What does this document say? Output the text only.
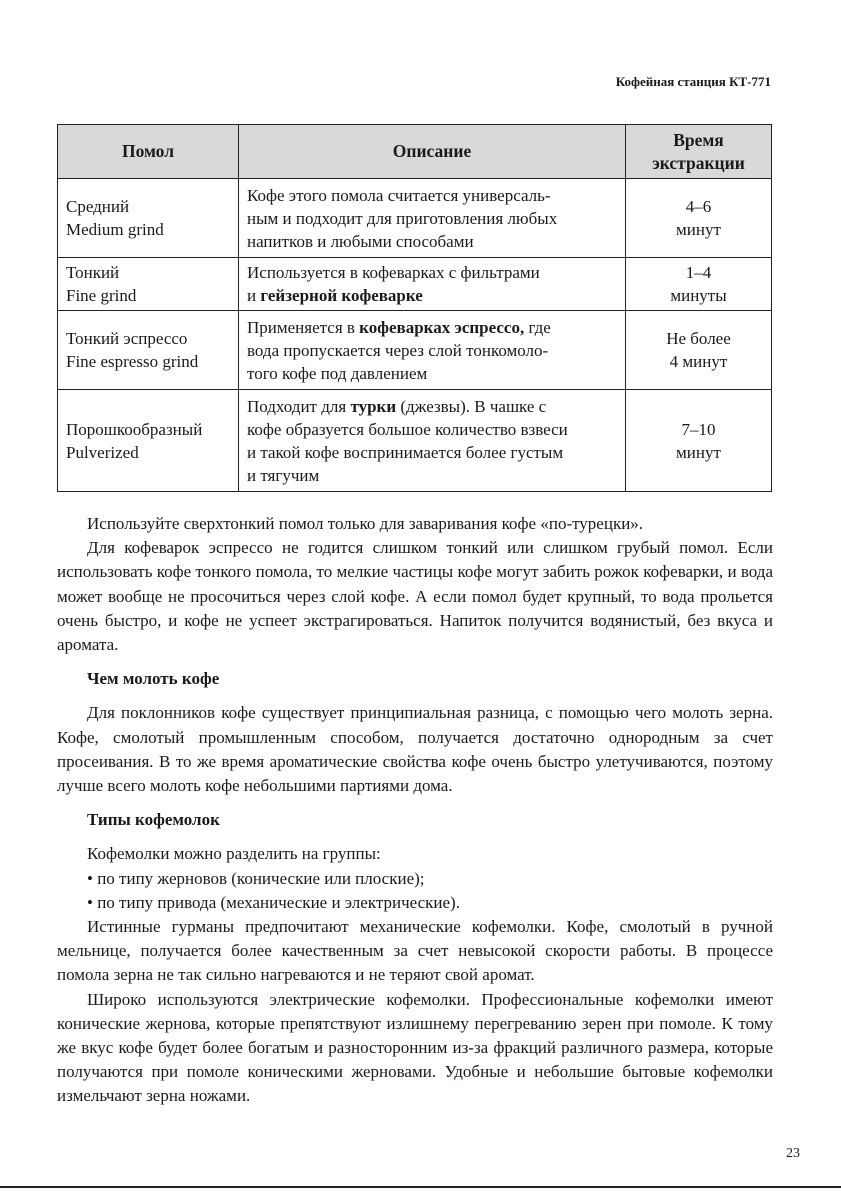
Кофейная станция КТ-771
Помол	Описание	Время
экстракции

Средний
Medium grind	Кофе этого помола считается универсаль-
ным и подходит для приготовления любых
напитков и любыми способами	4–6
минут

Тонкий
Fine grind	Используется в кофеварках с фильтрами
и гейзерной кофеварке	1–4
минуты

Тонкий эспрессо
Fine espresso grind	Применяется в кофеварках эспрессо, где
вода пропускается через слой тонкомоло-
того кофе под давлением	Не более
4 минут

Порошкообразный
Pulverized	Подходит для турки (джезвы). В чашке с
кофе образуется большое количество взвеси
и такой кофе воспринимается более густым
и тягучим	7–10
минут

Используйте сверхтонкий помол только для заваривания кофе «по-турецки».

Для кофеварок эспрессо не годится слишком тонкий или слишком грубый помол. Если использовать кофе тонкого помола, то мелкие частицы кофе могут забить рожок кофеварки, и вода может вообще не просочиться через слой кофе. А если помол будет крупный, то вода прольется очень быстро, и кофе не успеет экстрагироваться. Напиток получится водянистый, без вкуса и аромата.

Чем молоть кофе

Для поклонников кофе существует принципиальная разница, с помощью чего молоть зерна. Кофе, смолотый промышленным способом, получается достаточно однородным за счет просеивания. В то же время ароматические свойства кофе очень быстро улетучиваются, поэтому лучше всего молоть кофе небольшими партиями дома.

Типы кофемолок

Кофемолки можно разделить на группы:

• по типу жерновов (конические или плоские);

• по типу привода (механические и электрические).

Истинные гурманы предпочитают механические кофемолки. Кофе, смолотый в ручной мельнице, получается более качественным за счет невысокой скорости работы. В процессе помола зерна не так сильно нагреваются и не теряют свой аромат.

Широко используются электрические кофемолки. Профессиональные кофемолки имеют конические жернова, которые препятствуют излишнему перегреванию зерен при помоле. К тому же вкус кофе будет более богатым и разносторонним из-за фракций различного размера, которые получаются при помоле коническими жерновами. Удобные и небольшие бытовые кофемолки измельчают зерна ножами.

23
